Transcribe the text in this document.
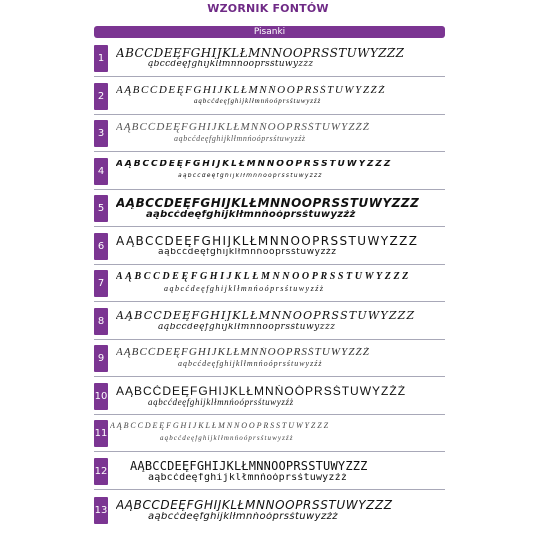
WZORNIK FONTÓW
Pisanki
1 ABCĆDEĘFGHIJKLŁMNŃOÓPRSŚTUWYZŹŻ
ąbcćdeęfghijklłmnńoóprsśtuwyzźż
2
AĄBCĆDEĘFGHIJKLŁMNŃOÓPRSŚTUWYZŹŻ
aąbcćdeęfghijklłmnńoóprsśtuwyzźż
3
AĄBCĆDEĘFGHIJKLŁMNŃOÓPRSŚTUWYZŹŻ
aąbcćdeęfghijklłmnńoóprsśtuwyzźż
4
AĄBCĆDEĘFGHIJKLŁMNŃOÓPRSŚTUWYZŹŻ
aąbcćdeęfghijklłmnńoóprsśtuwyzźż
5 AĄBCĆDEĘFGHIJKLŁMNŃOÓPRSŚTUWYZŹŻ
aąbcćdeęfghijklłmnńoóprsśtuwyzźż
6 AĄBCĆDEĘFGHIJKLŁMNŃOÓPRSŚTUWYZŹŻ
aąbcćdeęfghijklłmnńoóprsśtuwyzźż
7
AĄBCĆDEĘFGHIJKLŁMNŃOÓPRSŚTUWYZŹŻ
aąbcćdeęfghijklłmnńoóprsśtuwyzźż
8	AĄBCĆDEĘFGHIJKLŁMNŃOÓPRSŚTUWYZŹŻ
aąbcćdeęfghijklłmnńoóprsśtuwyzźż
9
AĄBCĆDEĘFGHIJKLŁMNŃOÓPRSŚTUWYZŹŻ
aąbcćdeęfghijklłmnńoóprsśtuwyzźż
10 AĄBCĆDEĘFGHIJKLŁMNŃOÓPRSŚTUWYZŹŻ
aąbcćdeęfghijklłmnńoóprsśtuwyzźż
11
AĄBCĆDEĘFGHIJKLŁMNŃOÓPRSŚTUWYZŹŻ
aąbcćdeęfghijklłmnńoóprsśtuwyzźż
12 AĄBCĆDEĘFGHIJKLŁMNŃOÓPRSŚTUWYZŹŻ
aąbcćdeęfghijklłmnńoóprsśtuwyzźż
13 AĄBCĆDEĘFGHIJKLŁMNŃOÓPRSŚTUWYZŹŻ
aąbcćdeęfghijklłmnńoóprsśtuwyzźż
